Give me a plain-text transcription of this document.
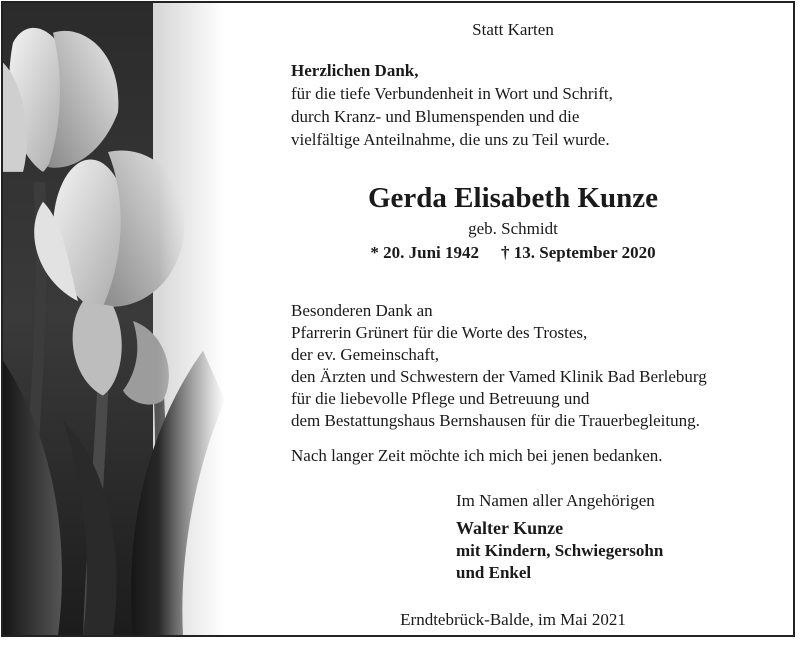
Statt Karten
Herzlichen Dank,
für die tiefe Verbundenheit in Wort und Schrift,
durch Kranz- und Blumenspenden und die
vielfältige Anteilnahme, die uns zu Teil wurde.
Gerda Elisabeth Kunze
geb. Schmidt
* 20. Juni 1942 † 13. September 2020
Besonderen Dank an
Pfarrerin Grünert für die Worte des Trostes,
der ev. Gemeinschaft,
den Ärzten und Schwestern der Vamed Klinik Bad Berleburg
für die liebevolle Pflege und Betreuung und
dem Bestattungshaus Bernshausen für die Trauerbegleitung.
Nach langer Zeit möchte ich mich bei jenen bedanken.
Im Namen aller Angehörigen
Walter Kunze
mit Kindern, Schwiegersohn
und Enkel
Erndtebrück-Balde, im Mai 2021
